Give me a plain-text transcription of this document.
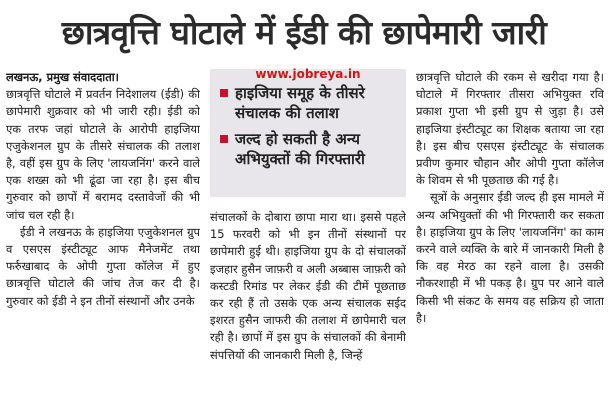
छात्रवृत्ति घोटाले में ईडी की छापेमारी जारी

लखनऊ, प्रमुख संवाददाता।

छात्रवृत्ति घोटाले में प्रवर्तन निदेशालय (ईडी) की छापेमारी शुक्रवार को भी जारी रही। ईडी को एक तरफ जहां घोटाले के आरोपी हाइजिया एजुकेशनल ग्रुप के तीसरे संचालक की तलाश है, वहीं इस ग्रुप के लिए 'लायजनिंग' करने वाले एक शख्स को भी ढूंढा जा रहा है। इस बीच गुरुवार को छापों में बरामद दस्तावेजों की भी जांच चल रही है।

ईडी ने लखनऊ के हाइजिया एजुकेशनल ग्रुप व एसएस इंस्टीट्यूट आफ मैनेजमेंट तथा फर्रुखाबाद के ओपी गुप्ता कॉलेज में हुए छात्रवृत्ति घोटाले की जांच तेज कर दी है। गुरुवार को ईडी ने इन तीनों संस्थानों और उनके

www.jobreya.in
हाइजिया समूह के तीसरे संचालक की तलाश
जल्द हो सकती है अन्य अभियुक्तों की गिरफ्तारी

संचालकों के दोबारा छापा मारा था। इससे पहले 15 फरवरी को भी इन तीनों संस्थानों पर छापेमारी हुई थी। हाइजिया ग्रुप के दो संचालकों इजहार हुसैन जाफ़री व अली अब्बास जाफ़री को कस्टडी रिमांड पर लेकर ईडी की टीमें पूछताछ कर रही हैं तो उसके एक अन्य संचालक सईद इशरत हुसैन जाफरी की तलाश में छापेमारी चल रही है। छापों में इस ग्रुप के संचालकों की बेनामी संपत्तियों की जानकारी मिली है, जिन्हें

छात्रवृत्ति घोटाले की रकम से खरीदा गया है। घोटाले में गिरफ्तार तीसरा अभियुक्त रवि प्रकाश गुप्ता भी इसी ग्रुप से जुड़ा है। उसे हाइजिया इंस्टीट्यूट का शिक्षक बताया जा रहा है। इस बीच एसएस इंस्टीट्यूट के संचालक प्रवीण कुमार चौहान और ओपी गुप्ता कॉलेज के शिवम से भी पूछताछ की गई है।

सूत्रों के अनुसार ईडी जल्द ही इस मामले में अन्य अभियुक्तों की भी गिरफ्तारी कर सकता है। हाइजिया ग्रुप के लिए 'लायजनिंग' का काम करने वाले व्यक्ति के बारे में जानकारी मिली है कि वह मेरठ का रहने वाला है। उसकी नौकरशाही में भी पकड़ है। ग्रुप पर आने वाले किसी भी संकट के समय वह सक्रिय हो जाता है।
